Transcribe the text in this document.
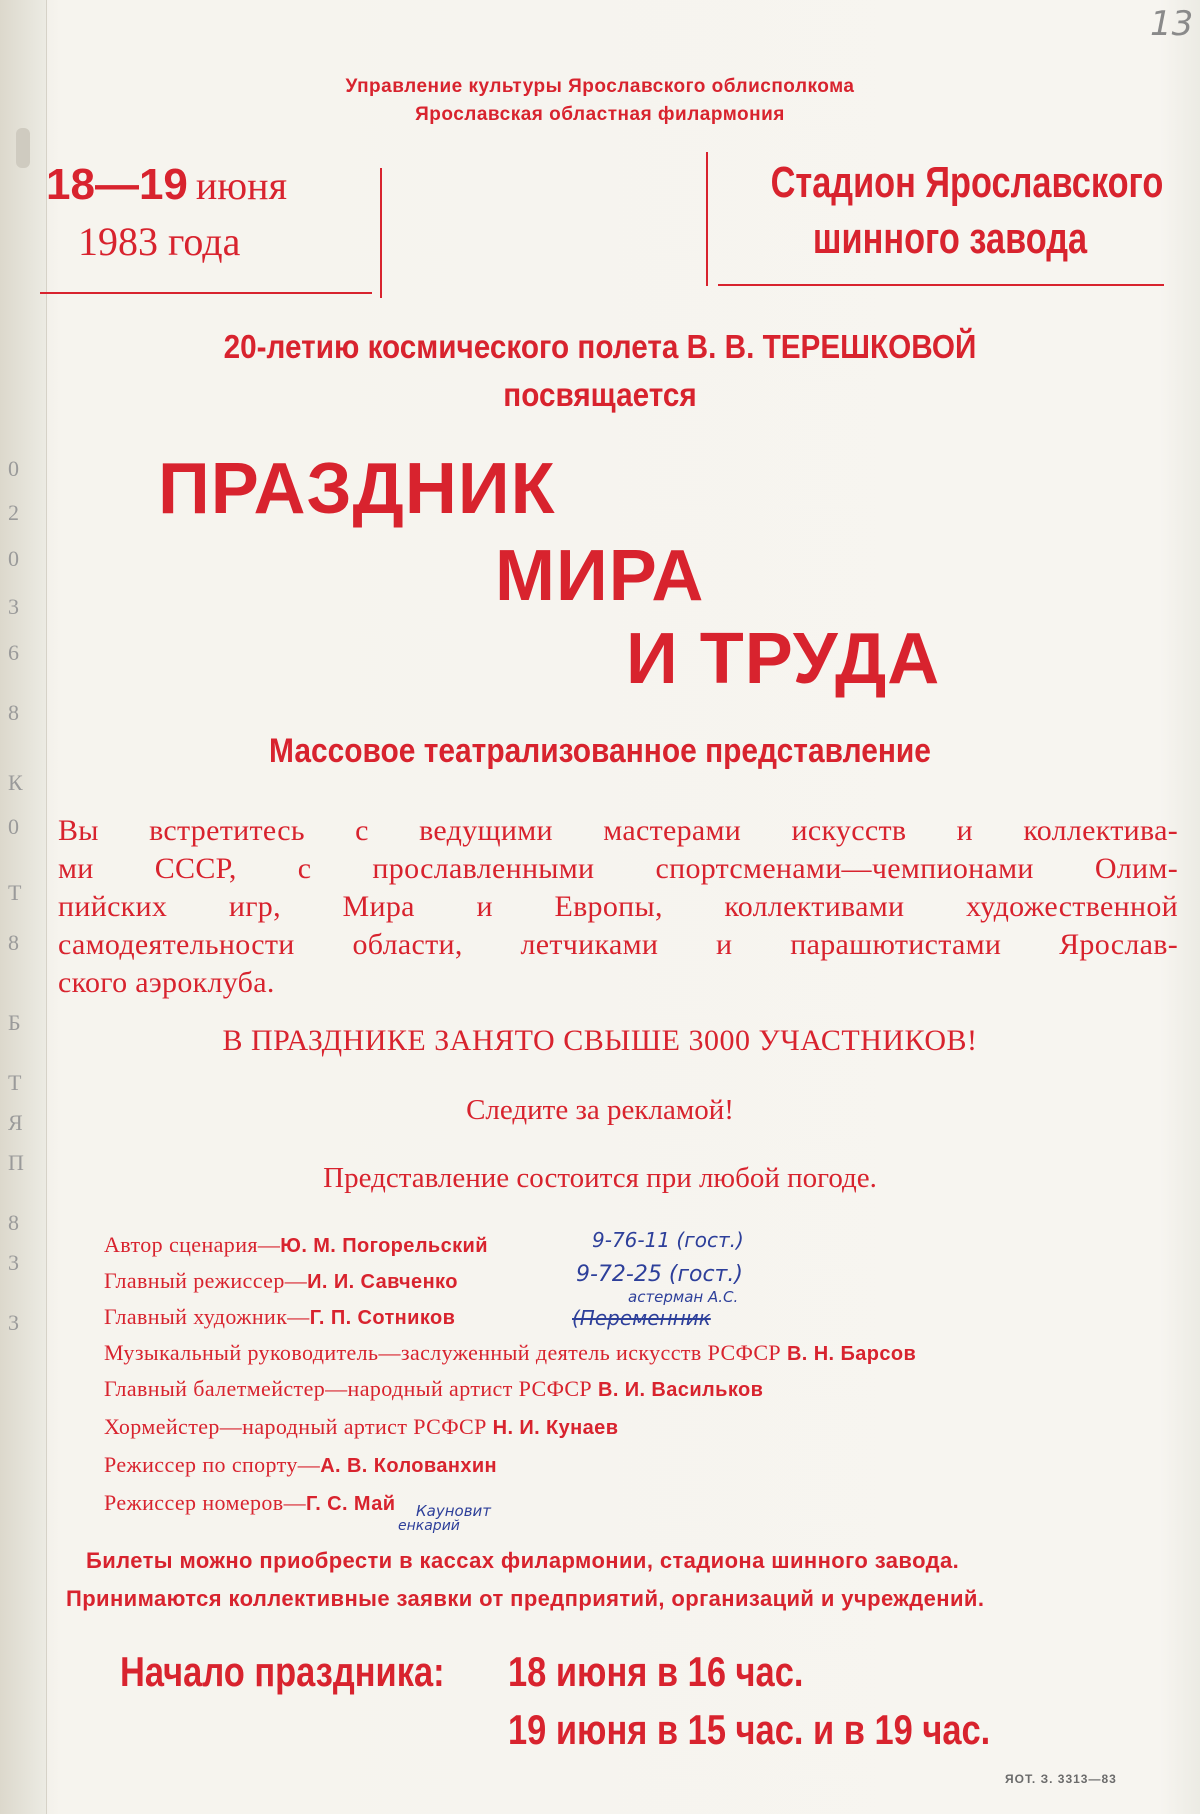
0
2
0
3
6
8
К
0
Т
8
Б
Т
Я
П
8
3
3
13

Управление культуры Ярославского облисполкома

Ярославская областная филармония

18—19 июня
1983 года

Стадион Ярославского

шинного завода

20-летию космического полета В. В. ТЕРЕШКОВОЙ

посвящается

ПРАЗДНИК

МИРА

И ТРУДА

Массовое театрализованное представление

Вы встретитесь с ведущими мастерами искусств и коллектива-

ми СССР, с прославленными спортсменами—чемпионами Олим-

пийских игр, Мира и Европы, коллективами художественной

самодеятельности области, летчиками и парашютистами Ярослав-

ского аэроклуба.

В ПРАЗДНИКЕ ЗАНЯТО СВЫШЕ 3000 УЧАСТНИКОВ!

Следите за рекламой!

Представление состоится при любой погоде.

Автор сценария—Ю. М. Погорельский

Главный режиссер—И. И. Савченко

Главный художник—Г. П. Сотников

Музыкальный руководитель—заслуженный деятель искусств РСФСР В. Н. Барсов

Главный балетмейстер—народный артист РСФСР В. И. Васильков

Хормейстер—народный артист РСФСР Н. И. Кунаев

Режиссер по спорту—А. В. Колованхин

Режиссер номеров—Г. С. Май

9-76-11 (гост.)
9-72-25 (гост.)
астерман А.С.
(Переменник
Кауновит
енкарий

Билеты можно приобрести в кассах филармонии, стадиона шинного завода.

Принимаются коллективные заявки от предприятий, организаций и учреждений.

Начало праздника: 18 июня в 16 час.

19 июня в 15 час. и в 19 час.

ЯОТ. З. 3313—83
